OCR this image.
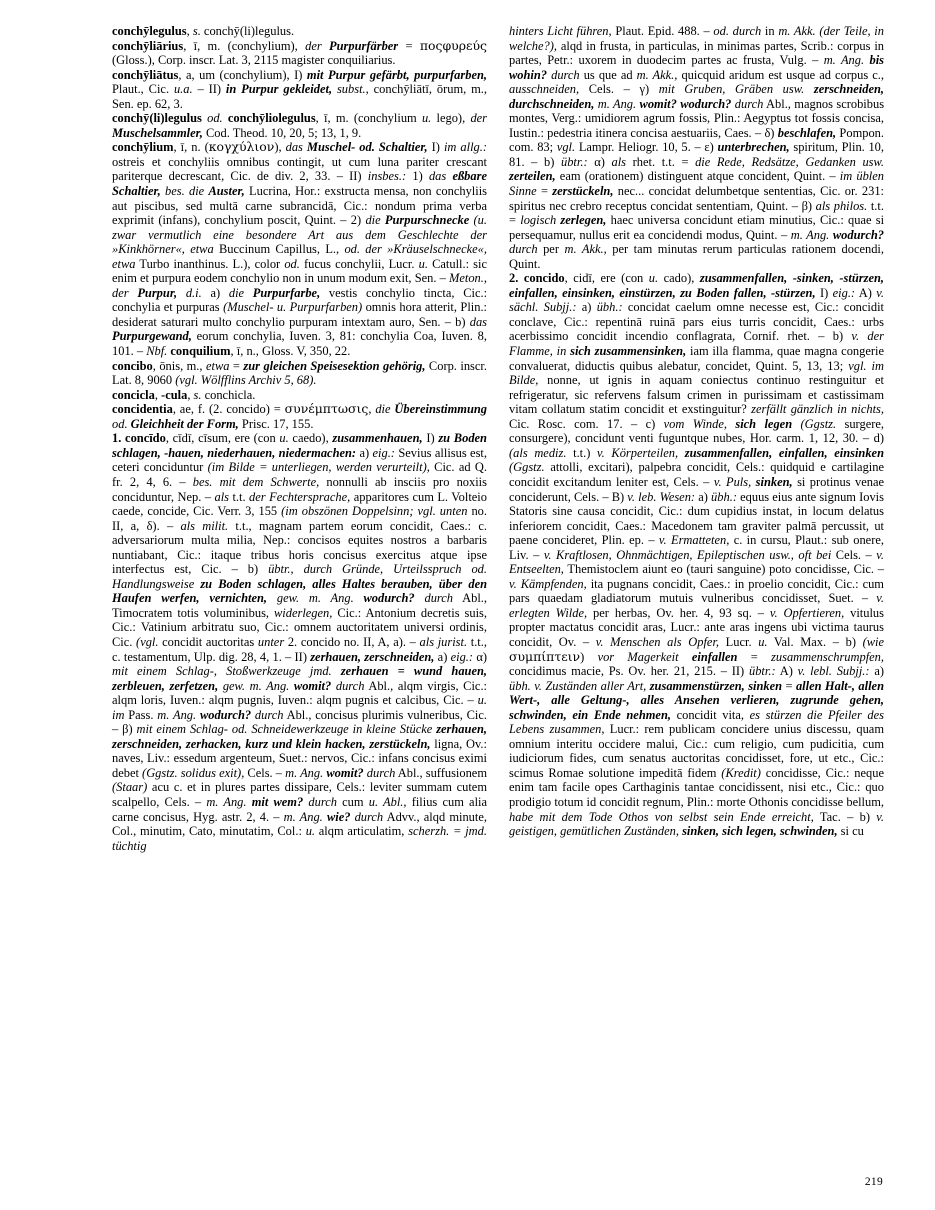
conchȳlegulus, s. conchȳ(li)legulus.

conchȳliārius, ī, m. (conchylium), der Purpurfärber = ποςφυρεύς (Gloss.), Corp. inscr. Lat. 3, 2115 magister conquiliarius.

conchȳliātus, a, um (conchylium), I) mit Purpur gefärbt, purpurfarben, Plaut., Cic. u.a. – II) in Purpur gekleidet, subst., conchȳliātī, ōrum, m., Sen. ep. 62, 3.

conchȳ(li)legulus od. conchȳliolegulus, ī, m. (conchylium u. lego), der Muschelsammler, Cod. Theod. 10, 20, 5; 13, 1, 9.

conchȳlium, ī, n. (κογχύλιον), das Muschel- od. Schaltier, I) im allg.: ostreis et conchyliis omnibus contingit, ut cum luna pariter crescant pariterque decrescant, Cic. de div. 2, 33. – II) insbes.: 1) das eßbare Schaltier, bes. die Auster, Lucrina, Hor.: exstructa mensa, non conchyliis aut piscibus, sed multā carne subrancidā, Cic.: nondum prima verba exprimit (infans), conchylium poscit, Quint. – 2) die Purpurschnecke (u. zwar vermutlich eine besondere Art aus dem Geschlechte der »Kinkhörner«, etwa Buccinum Capillus, L., od. der »Kräuselschnecke«, etwa Turbo inanthinus. L.), color od. fucus conchylii, Lucr. u. Catull.: sic enim et purpura eodem conchylio non in unum modum exit, Sen. – Meton., der Purpur, d.i. a) die Purpurfarbe, vestis conchylio tincta, Cic.: conchylia et purpuras (Muschel- u. Purpurfarben) omnis hora atterit, Plin.: desiderat saturari multo conchylio purpuram intextam auro, Sen. – b) das Purpurgewand, eorum conchylia, Iuven. 3, 81: conchylia Coa, Iuven. 8, 101. – Nbf. conquilium, ī, n., Gloss. V, 350, 22.

concibo, ōnis, m., etwa = zur gleichen Speisesektion gehörig, Corp. inscr. Lat. 8, 9060 (vgl. Wölfflins Archiv 5, 68).

concicla, -cula, s. conchicla.

concidentia, ae, f. (2. concido) = συνέμπτωσις, die Übereinstimmung od. Gleichheit der Form, Prisc. 17, 155.

1. concīdo, cīdī, cīsum, ere (con u. caedo), zusammenhauen, I) zu Boden schlagen, -hauen, niederhauen, niedermachen: a) eig.: Sevius allisus est, ceteri conciduntur (im Bilde = unterliegen, werden verurteilt), Cic. ad Q. fr. 2, 4, 6. – bes. mit dem Schwerte, nonnulli ab insciis pro noxiis conciduntur, Nep. – als t.t. der Fechtersprache, apparitores cum L. Volteio caede, concide, Cic. Verr. 3, 155 (im obszönen Doppelsinn; vgl. unten no. II, a, δ). – als milit. t.t., magnam partem eorum concidit, Caes.: c. adversariorum multa milia, Nep.: concisos equites nostros a barbaris nuntiabant, Cic.: itaque tribus horis concisus exercitus atque ipse interfectus est, Cic. – b) übtr., durch Gründe, Urteilsspruch od. Handlungsweise zu Boden schlagen, alles Haltes berauben, über den Haufen werfen, vernichten, gew. m. Ang. wodurch? durch Abl., Timocratem totis voluminibus, widerlegen, Cic.: Antonium decretis suis, Cic.: Vatinium arbitratu suo, Cic.: omnem auctoritatem universi ordinis, Cic. (vgl. concidit auctoritas unter 2. concido no. II, A, a). – als jurist. t.t., c. testamentum, Ulp. dig. 28, 4, 1. – II) zerhauen, zerschneiden, a) eig.: α) mit einem Schlag-, Stoßwerkzeuge jmd. zerhauen = wund hauen, zerbleuen, zerfetzen, gew. m. Ang. womit? durch Abl., alqm virgis, Cic.: alqm loris, Iuven.: alqm pugnis, Iuven.: alqm pugnis et calcibus, Cic. – u. im Pass. m. Ang. wodurch? durch Abl., concisus plurimis vulneribus, Cic. – β) mit einem Schlag- od. Schneidewerkzeuge in kleine Stücke zerhauen, zerschneiden, zerhacken, kurz und klein hacken, zerstückeln, ligna, Ov.: naves, Liv.: essedum argenteum, Suet.: nervos, Cic.: infans concisus eximi debet (Ggstz. solidus exit), Cels. – m. Ang. womit? durch Abl., suffusionem (Staar) acu c. et in plures partes dissipare, Cels.: leviter summam cutem scalpello, Cels. – m. Ang. mit wem? durch cum u. Abl., filius cum alia carne concisus, Hyg. astr. 2, 4. – m. Ang. wie? durch Advv., alqd minute, Col., minutim, Cato, minutatim, Col.: u. alqm articulatim, scherzh. = jmd. tüchtig

hinters Licht führen, Plaut. Epid. 488. – od. durch in m. Akk. (der Teile, in welche?), alqd in frusta, in particulas, in minimas partes, Scrib.: corpus in partes, Petr.: uxorem in duodecim partes ac frusta, Vulg. – m. Ang. bis wohin? durch us que ad m. Akk., quicquid aridum est usque ad corpus c., ausschneiden, Cels. – γ) mit Gruben, Gräben usw. zerschneiden, durchschneiden, m. Ang. womit? wodurch? durch Abl., magnos scrobibus montes, Verg.: umidiorem agrum fossis, Plin.: Aegyptus tot fossis concisa, Iustin.: pedestria itinera concisa aestuariis, Caes. – δ) beschlafen, Pompon. com. 83; vgl. Lampr. Heliogr. 10, 5. – ε) unterbrechen, spiritum, Plin. 10, 81. – b) übtr.: α) als rhet. t.t. = die Rede, Redsätze, Gedanken usw. zerteilen, eam (orationem) distinguent atque concident, Quint. – im üblen Sinne = zerstückeln, nec... concidat delumbetque sententias, Cic. or. 231: spiritus nec crebro receptus concidat sententiam, Quint. – β) als philos. t.t. = logisch zerlegen, haec universa concidunt etiam minutius, Cic.: quae si persequamur, nullus erit ea concidendi modus, Quint. – m. Ang. wodurch? durch per m. Akk., per tam minutas rerum particulas rationem docendi, Quint.

2. concido, cidī, ere (con u. cado), zusammenfallen, -sinken, -stürzen, einfallen, einsinken, einstürzen, zu Boden fallen, -stürzen, I) eig.: A) v. sächl. Subjj.: a) übh.: concidat caelum omne necesse est, Cic.: concidit conclave, Cic.: repentinā ruinā pars eius turris concidit, Caes.: urbs acerbissimo concidit incendio conflagrata, Cornif. rhet. – b) v. der Flamme, in sich zusammensinken, iam illa flamma, quae magna congerie convaluerat, diductis quibus alebatur, concidet, Quint. 5, 13, 13; vgl. im Bilde, nonne, ut ignis in aquam coniectus continuo restinguitur et refrigeratur, sic refervens falsum crimen in purissimam et castissimam vitam collatum statim concidit et exstinguitur? zerfällt gänzlich in nichts, Cic. Rosc. com. 17. – c) vom Winde, sich legen (Ggstz. surgere, consurgere), concidunt venti fuguntque nubes, Hor. carm. 1, 12, 30. – d) (als mediz. t.t.) v. Körperteilen, zusammenfallen, einfallen, einsinken (Ggstz. attolli, excitari), palpebra concidit, Cels.: quidquid e cartilagine concidit excitandum leniter est, Cels. – v. Puls, sinken, si protinus venae conciderunt, Cels. – B) v. leb. Wesen: a) übh.: equus eius ante signum Iovis Statoris sine causa concidit, Cic.: dum cupidius instat, in locum delatus inferiorem concidit, Caes.: Macedonem tam graviter palmā percussit, ut paene concideret, Plin. ep. – v. Ermatteten, c. in cursu, Plaut.: sub onere, Liv. – v. Kraftlosen, Ohnmächtigen, Epileptischen usw., oft bei Cels. – v. Entseelten, Themistoclem aiunt eo (tauri sanguine) poto concidisse, Cic. – v. Kämpfenden, ita pugnans concidit, Caes.: in proelio concidit, Cic.: cum pars quaedam gladiatorum mutuis vulneribus concidisset, Suet. – v. erlegten Wilde, per herbas, Ov. her. 4, 93 sq. – v. Opfertieren, vitulus propter mactatus concidit aras, Lucr.: ante aras ingens ubi victima taurus concidit, Ov. – v. Menschen als Opfer, Lucr. u. Val. Max. – b) (wie συμπίπτειν) vor Magerkeit einfallen = zusammenschrumpfen, concidimus macie, Ps. Ov. her. 21, 215. – II) übtr.: A) v. lebl. Subjj.: a) übh. v. Zuständen aller Art, zusammenstürzen, sinken = allen Halt-, allen Wert-, alle Geltung-, alles Ansehen verlieren, zugrunde gehen, schwinden, ein Ende nehmen, concidit vita, es stürzen die Pfeiler des Lebens zusammen, Lucr.: rem publicam concidere unius discessu, quam omnium interitu occidere malui, Cic.: cum religio, cum pudicitia, cum iudiciorum fides, cum senatus auctoritas concidisset, fore, ut etc., Cic.: scimus Romae solutione impeditā fidem (Kredit) concidisse, Cic.: neque enim tam facile opes Carthaginis tantae concidissent, nisi etc., Cic.: quo prodigio totum id concidit regnum, Plin.: morte Othonis concidisse bellum, habe mit dem Tode Othos von selbst sein Ende erreicht, Tac. – b) v. geistigen, gemütlichen Zuständen, sinken, sich legen, schwinden, si cu

219
